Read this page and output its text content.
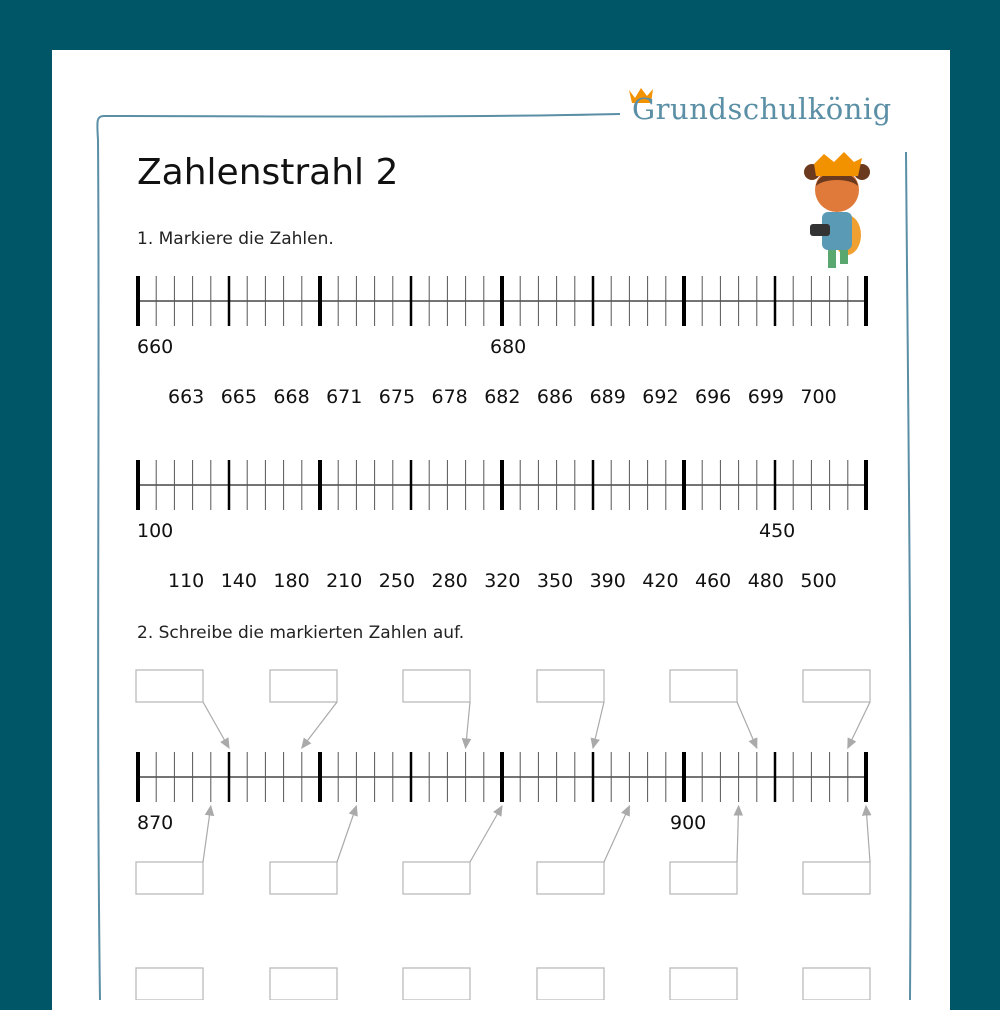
Grundschulkönig
Zahlenstrahl 2
1. Markiere die Zahlen.
2. Schreibe die markierten Zahlen auf.
660	680
100	450
870	900
663 665 668 671 675 678 682 686 689 692 696 699 700
110 140 180 210 250 280 320 350 390 420 460 480 500
